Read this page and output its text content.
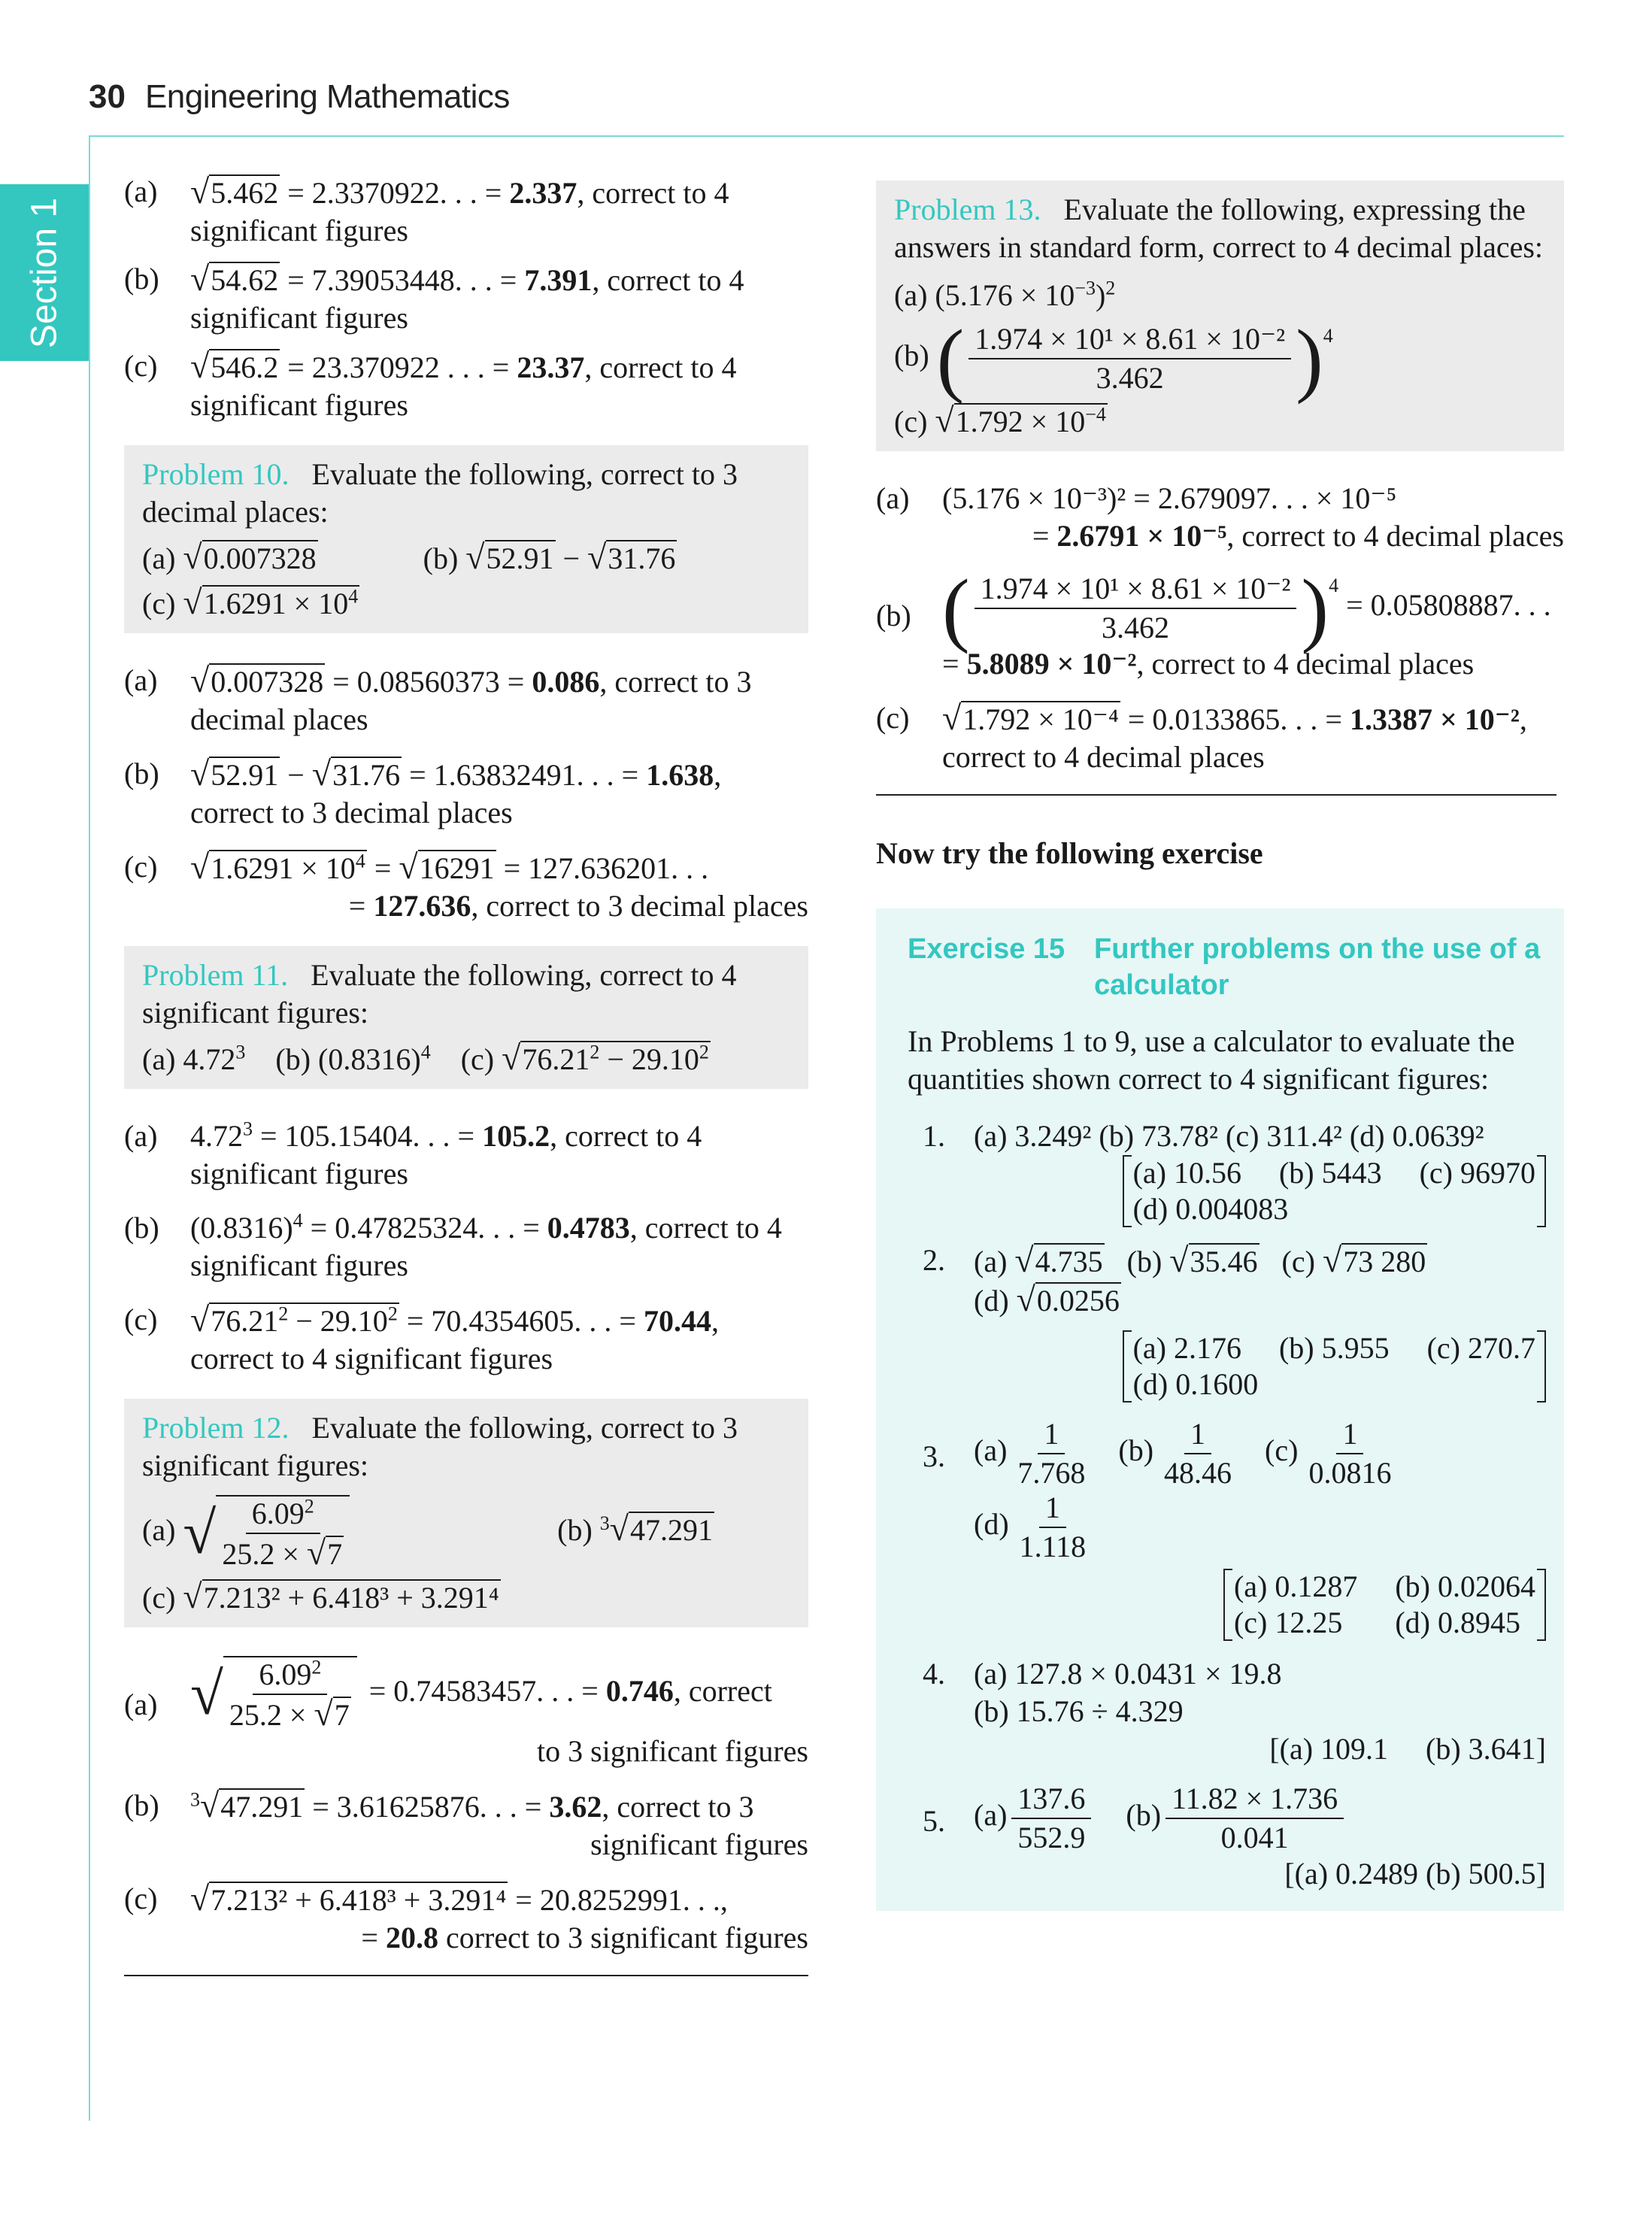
30 Engineering Mathematics
Section 1
(a) √5.462 = 2.3370922. . . = 2.337, correct to 4 significant figures
(b) √54.62 = 7.39053448. . . = 7.391, correct to 4 significant figures
(c) √546.2 = 23.370922 . . . = 23.37, correct to 4 significant figures

Problem 10. Evaluate the following, correct to 3 decimal places:

(a) √0.007328	(b) √52.91 − √31.76

(c) $√1.6291 \times 10^4$

(a) √0.007328 = 0.08560373 = 0.086, correct to 3 decimal places
(b) √52.91 − √31.76 = 1.63832491. . . = 1.638, correct to 3 decimal places
(c) $√1.6291 \times 10^4 = √16291 = 127.636201$. . .
= 127.636, correct to 3 decimal places

Problem 11. Evaluate the following, correct to 4 significant figures:

(a) 4.72$^3$ (b) $(0.8316)^4$ (c) $√76.21^2 - 29.10^2$

(a) $4.72^3 = 105.15404$. . . = 105.2, correct to 4 significant figures
(b) $(0.8316)^4 = 0.47825324$. . . = 0.4783, correct to 4 significant figures
(c) $√76.21^2 - 29.10^2 = 70.4354605$. . . = 70.44, correct to 4 significant figures

Problem 12. Evaluate the following, correct to 3 significant figures:

(a) √ $\frac{6.09^2}{25.2 \times √7}$	(b) $^3$√47.291

(c) √7.213² + 6.418³ + 3.291⁴

(a) √ $\frac{6.09^2}{25.2 \times √7} = 0.74583457$. . . = 0.746, correct
to 3 significant figures
(b) $^3$√47.291 = 3.61625876. . . = 3.62, correct to 3
significant figures
(c) √7.213² + 6.418³ + 3.291⁴ = 20.8252991. . .,
= 20.8 correct to 3 significant figures

Problem 13. Evaluate the following, expressing the answers in standard form, correct to 4 decimal places:

(a) $(5.176 \times 10^{-3})^2$

(b) ( $\frac{\text{1.974 × 10¹ × 8.61 × 10⁻²}}{3.462} )^4$

(c) $√1.792 \times 10^{-4}$

(a) (5.176 × 10⁻³)² = 2.679097. . . × 10⁻⁵
= 2.6791 × 10⁻⁵, correct to 4 decimal places
(b) ( $\frac{\text{1.974 × 10¹ × 8.61 × 10⁻²}}{3.462} )^4 = 0.05808887$. . .
= 5.8089 × 10⁻², correct to 4 decimal places
(c) √1.792 × 10⁻⁴ = 0.0133865. . . = 1.3387 × 10⁻²,
correct to 4 decimal places
Now try the following exercise
Exercise 15 Further problems on the use of a calculator

In Problems 1 to 9, use a calculator to evaluate the quantities shown correct to 4 significant figures:

1. (a) 3.249² (b) 73.78² (c) 311.4² (d) 0.0639²
(a) 10.56     (b) 5443     (c) 96970
(d) 0.004083
2. (a) √4.735 (b) √35.46 (c) √73 280
(d) √0.0256
(a) 2.176     (b) 5.955     (c) 270.7
(d) 0.1600
3. $(a) \frac{1}{7.768} (b) \frac{1}{48.46} (c) \frac{1}{0.0816}$
$(d) \frac{1}{1.118}$
(a) 0.1287     (b) 0.02064
(c) 12.25       (d) 0.8945
4. (a) 127.8 × 0.0431 × 19.8
(b) 15.76 ÷ 4.329
[(a) 109.1     (b) 3.641]
5. $(a) \frac{137.6}{552.9} (b) \frac{11.82 \times 1.736}{0.041}$
[(a) 0.2489 (b) 500.5]
